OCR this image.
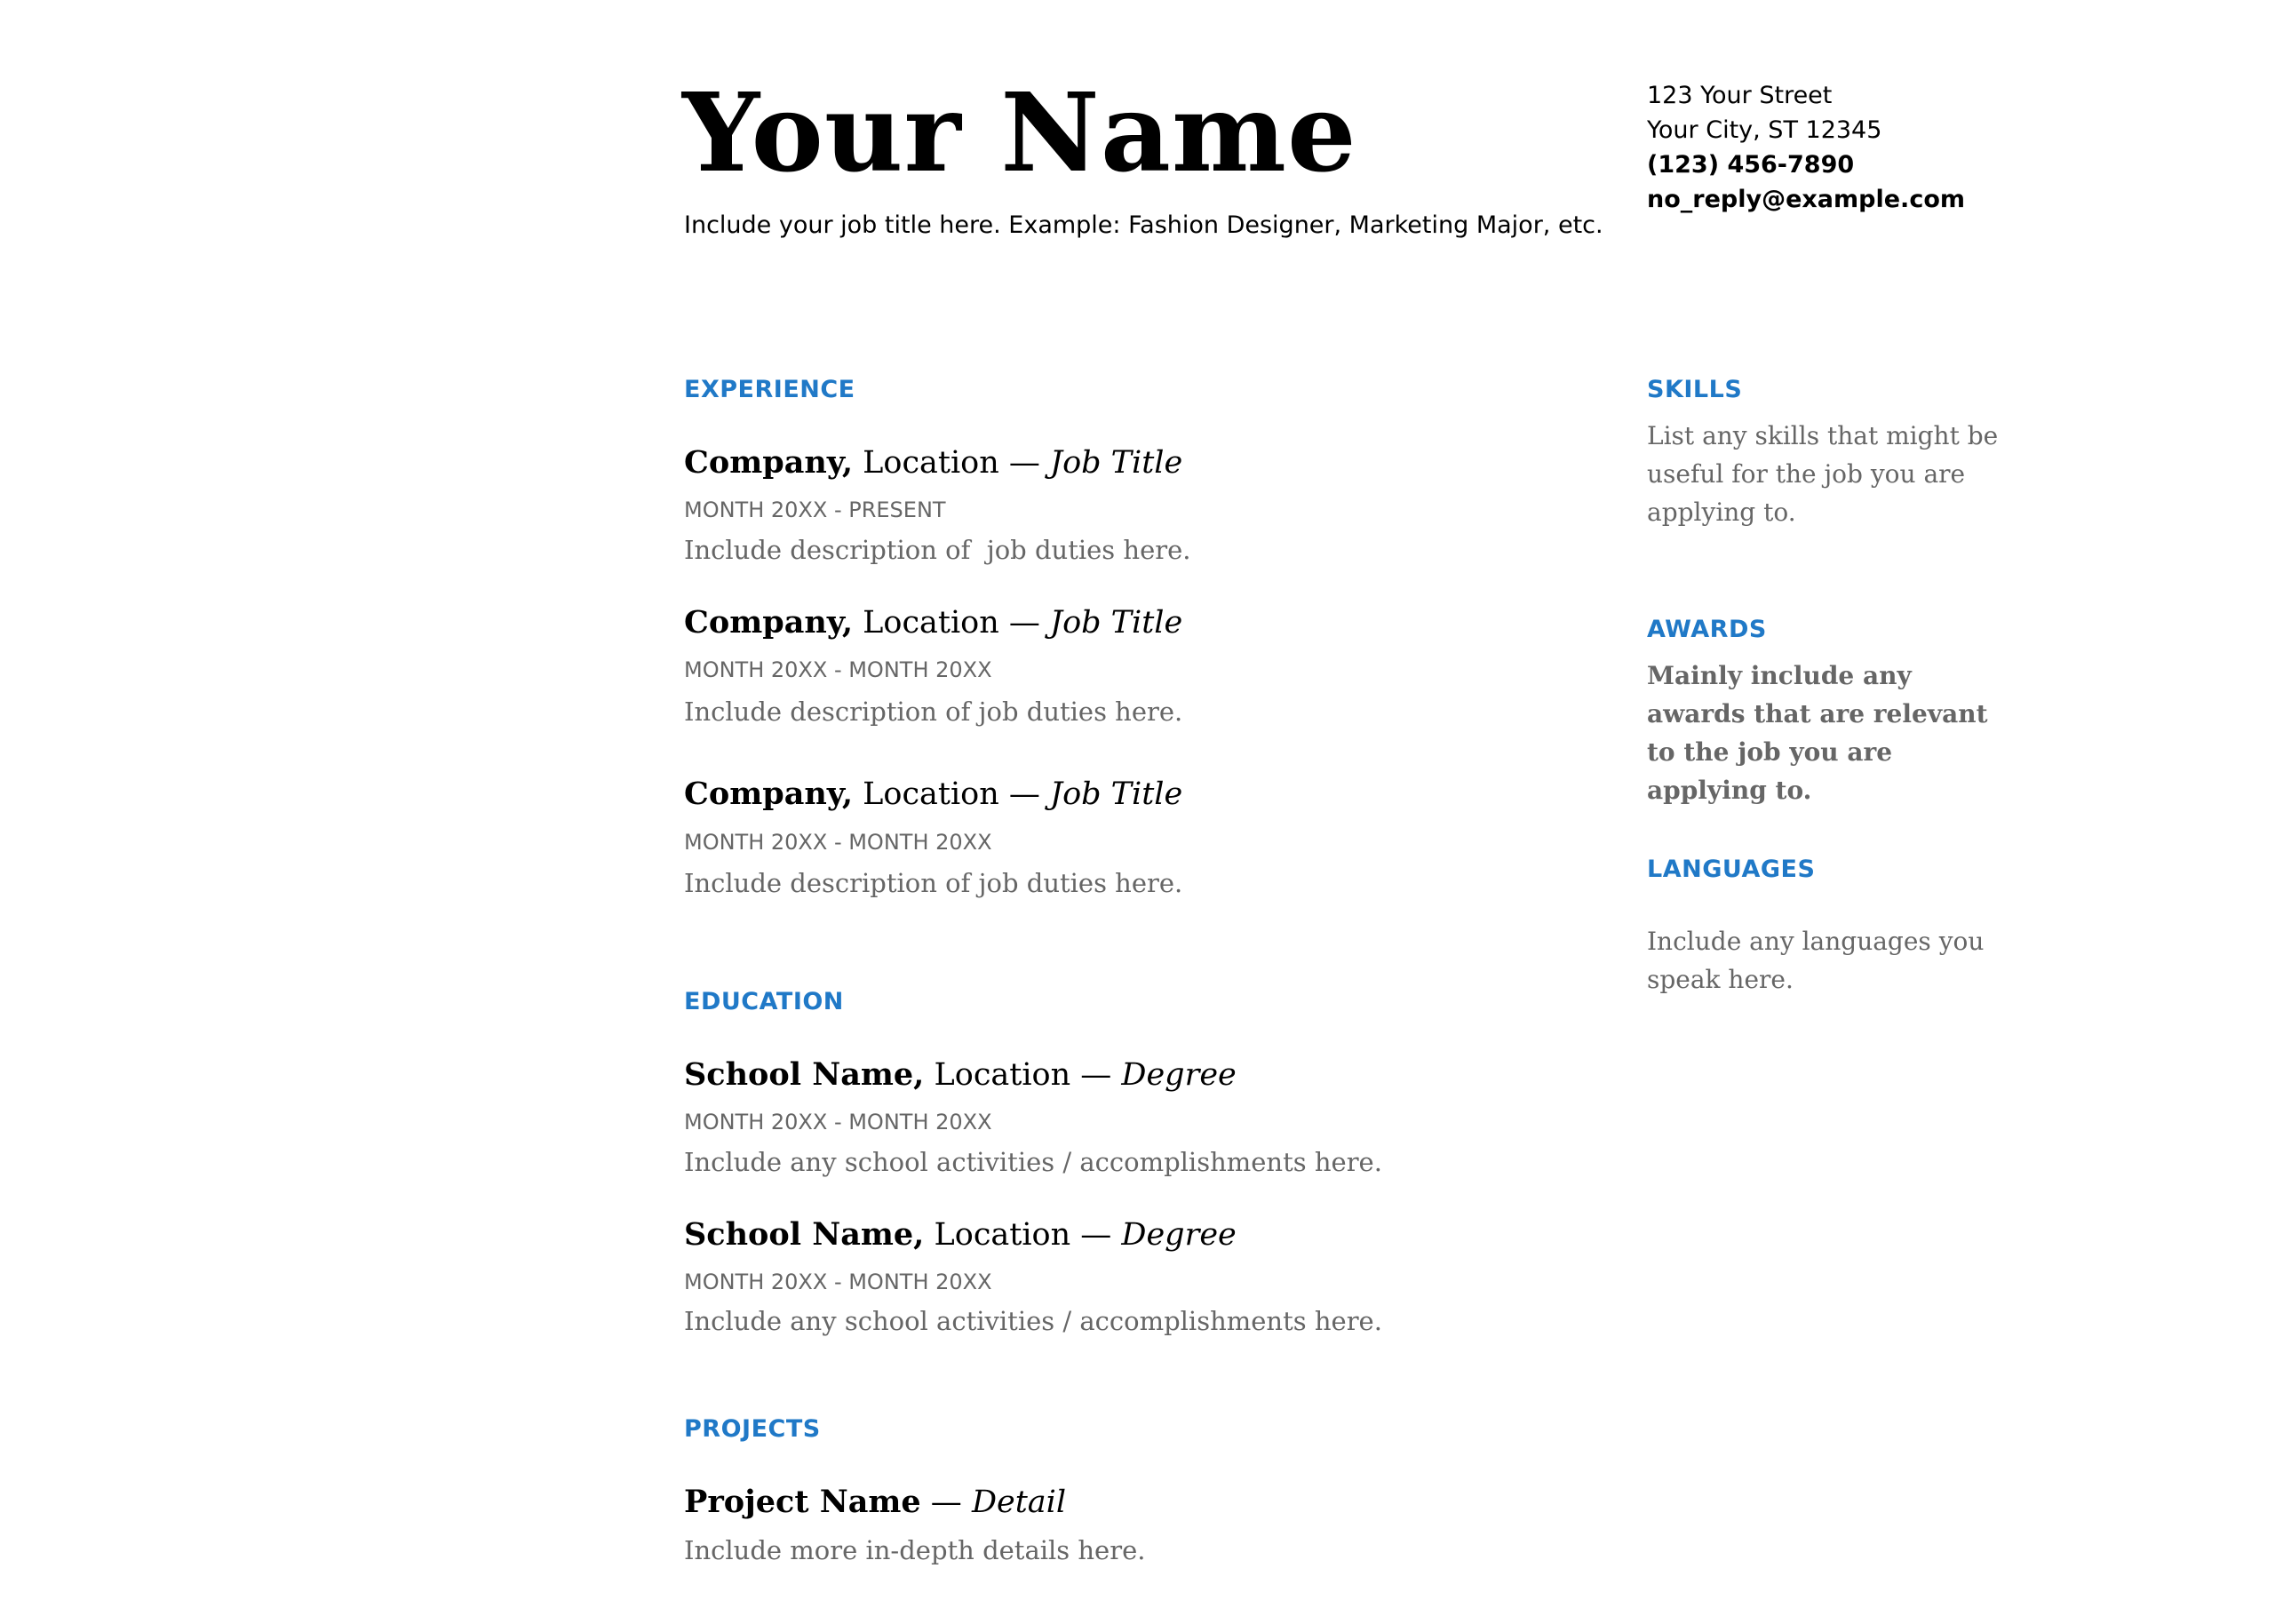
Your Name
Include your job title here. Example: Fashion Designer, Marketing Major, etc.
123 Your Street
Your City, ST 12345
(123) 456-7890
no_reply@example.com
EXPERIENCE
Company, Location — Job Title
MONTH 20XX - PRESENT
Include description of  job duties here.
Company, Location — Job Title
MONTH 20XX - MONTH 20XX
Include description of job duties here.
Company, Location — Job Title
MONTH 20XX - MONTH 20XX
Include description of job duties here.
EDUCATION
School Name, Location — Degree
MONTH 20XX - MONTH 20XX
Include any school activities / accomplishments here.
School Name, Location — Degree
MONTH 20XX - MONTH 20XX
Include any school activities / accomplishments here.
PROJECTS
Project Name — Detail
Include more in-depth details here.
SKILLS
List any skills that might be useful for the job you are applying to.
AWARDS
Mainly include any awards that are relevant to the job you are applying to.
LANGUAGES
Include any languages you speak here.
